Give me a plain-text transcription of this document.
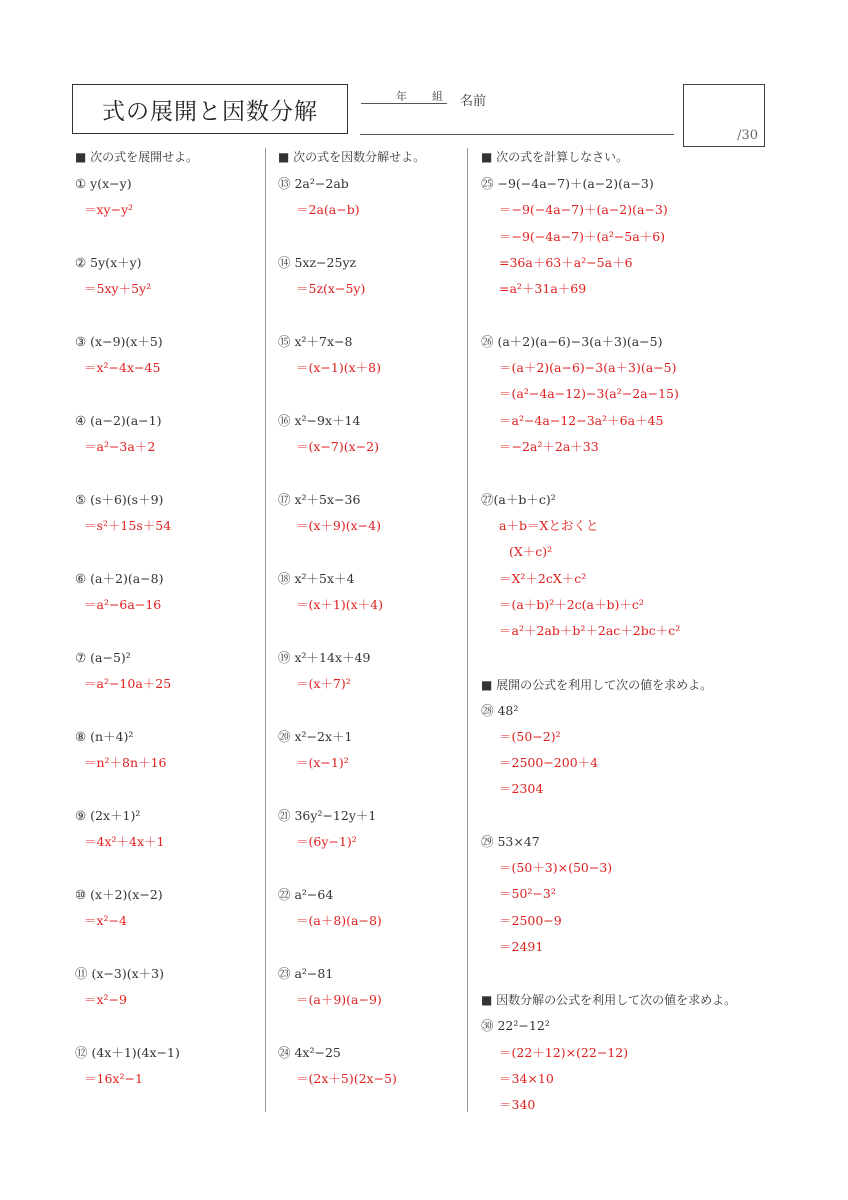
式の展開と因数分解
年 組 名前
/30
■ 次の式を展開せよ。
① y(x−y)
＝xy−y²
② 5y(x＋y)
＝5xy＋5y²
③ (x−9)(x＋5)
＝x²−4x−45
④ (a−2)(a−1)
＝a²−3a＋2
⑤ (s＋6)(s＋9)
＝s²＋15s＋54
⑥ (a＋2)(a−8)
＝a²−6a−16
⑦ (a−5)²
＝a²−10a＋25
⑧ (n＋4)²
＝n²＋8n＋16
⑨ (2x＋1)²
＝4x²＋4x＋1
⑩ (x＋2)(x−2)
＝x²−4
⑪ (x−3)(x＋3)
＝x²−9
⑫ (4x＋1)(4x−1)
＝16x²−1
■ 次の式を因数分解せよ。
⑬ 2a²−2ab
＝2a(a−b)
⑭ 5xz−25yz
＝5z(x−5y)
⑮ x²＋7x−8
＝(x−1)(x＋8)
⑯ x²−9x＋14
＝(x−7)(x−2)
⑰ x²＋5x−36
＝(x＋9)(x−4)
⑱ x²＋5x＋4
＝(x＋1)(x＋4)
⑲ x²＋14x＋49
＝(x＋7)²
⑳ x²−2x＋1
＝(x−1)²
㉑ 36y²−12y＋1
＝(6y−1)²
㉒ a²−64
＝(a＋8)(a−8)
㉓ a²−81
＝(a＋9)(a−9)
㉔ 4x²−25
＝(2x＋5)(2x−5)
■ 次の式を計算しなさい。
㉕ −9(−4a−7)＋(a−2)(a−3)
＝−9(−4a−7)＋(a−2)(a−3)
＝−9(−4a−7)＋(a²−5a＋6)
=36a＋63＋a²−5a＋6
=a²＋31a＋69
㉖ (a＋2)(a−6)−3(a＋3)(a−5)
＝(a＋2)(a−6)−3(a＋3)(a−5)
＝(a²−4a−12)−3(a²−2a−15)
＝a²−4a−12−3a²＋6a＋45
＝−2a²＋2a＋33
㉗(a＋b＋c)²
a＋b＝Xとおくと
(X＋c)²
＝X²＋2cX＋c²
＝(a＋b)²＋2c(a＋b)＋c²
＝a²＋2ab＋b²＋2ac＋2bc＋c²
■ 展開の公式を利用して次の値を求めよ。
㉘ 48²
＝(50−2)²
＝2500−200＋4
＝2304
㉙ 53×47
＝(50＋3)×(50−3)
＝50²−3²
＝2500−9
＝2491
■ 因数分解の公式を利用して次の値を求めよ。
㉚ 22²−12²
＝(22＋12)×(22−12)
＝34×10
＝340
